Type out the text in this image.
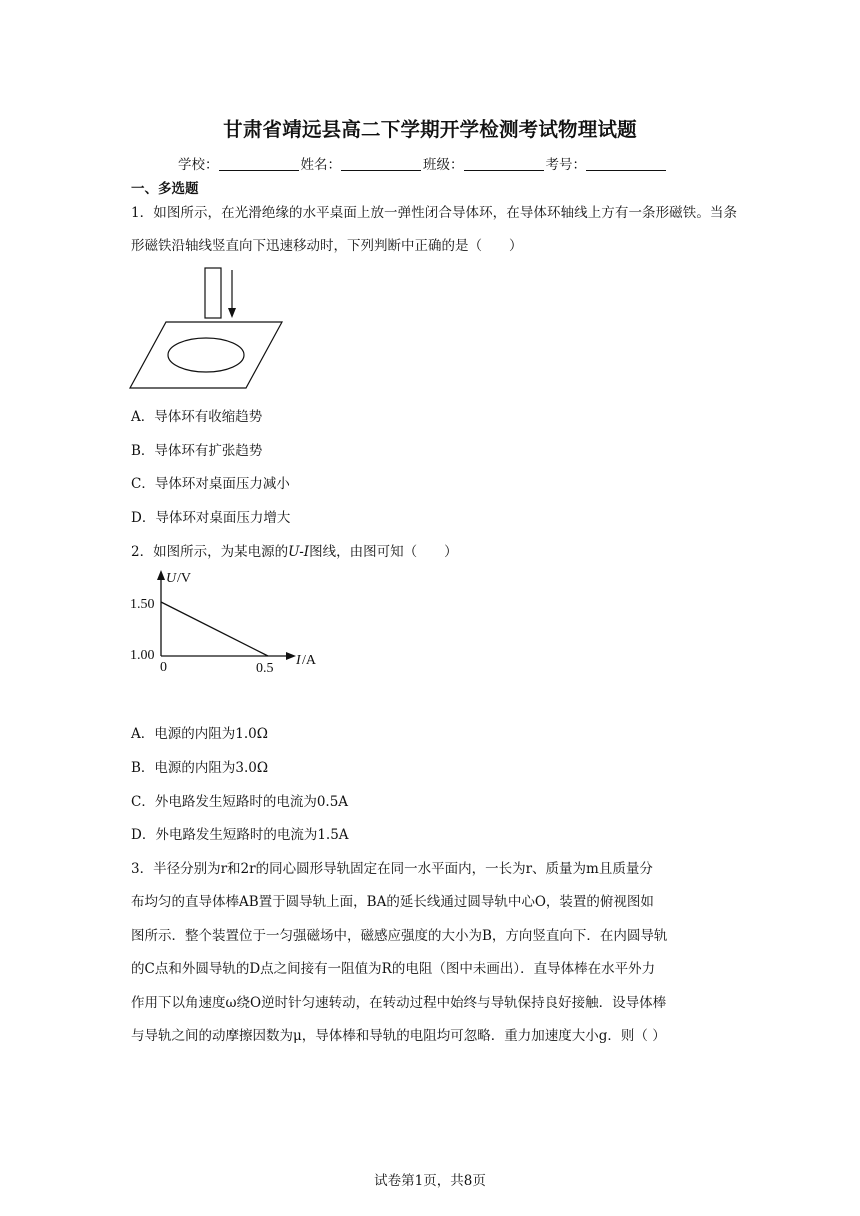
甘肃省靖远县高二下学期开学检测考试物理试题
学校：	姓名：	班级：	考号：
一、多选题
1．如图所示，在光滑绝缘的水平桌面上放一弹性闭合导体环，在导体环轴线上方有一条形磁铁。当条形磁铁沿轴线竖直向下迅速移动时，下列判断中正确的是（　　）
A．导体环有收缩趋势
B．导体环有扩张趋势
C．导体环对桌面压力减小
D．导体环对桌面压力增大
2．如图所示，为某电源的U-I图线，由图可知（　　）
U /V
1.50
1.00
0	0.5
I /A
A．电源的内阻为1.0Ω
B．电源的内阻为3.0Ω
C．外电路发生短路时的电流为0.5A
D．外电路发生短路时的电流为1.5A
3．半径分别为r和2r的同心圆形导轨固定在同一水平面内，一长为r、质量为m且质量分
布均匀的直导体棒AB置于圆导轨上面，BA的延长线通过圆导轨中心O，装置的俯视图如
图所示．整个装置位于一匀强磁场中，磁感应强度的大小为B，方向竖直向下．在内圆导轨
的C点和外圆导轨的D点之间接有一阻值为R的电阻（图中未画出）．直导体棒在水平外力
作用下以角速度ω绕O逆时针匀速转动，在转动过程中始终与导轨保持良好接触．设导体棒
与导轨之间的动摩擦因数为μ，导体棒和导轨的电阻均可忽略．重力加速度大小g．则（ ）
试卷第1页，共8页
